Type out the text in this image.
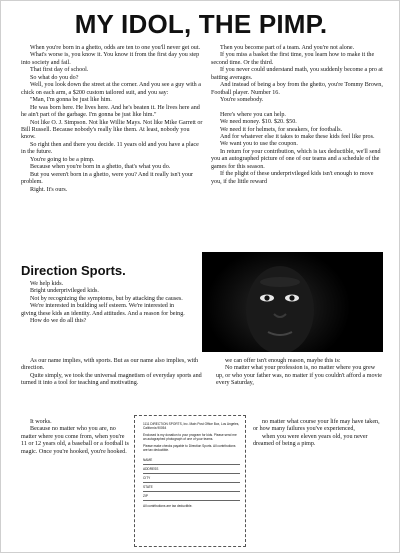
MY IDOL, THE PIMP.

When you're born in a ghetto, odds are ten to one you'll never get out.

What's worse is, you know it. You know it from the first day you step into society and fail.

That first day of school.

So what do you do?

Well, you look down the street at the corner. And you see a guy with a chick on each arm, a $200 custom tailored suit, and you say:

"Man, I'm gonna be just like him.

He was born here. He lives here. And he's beaten it. He lives here and he ain't part of the garbage. I'm gonna be just like him."

Not like O. J. Simpson. Not like Willie Mays. Not like Mike Garrett or Bill Russell. Because nobody's really like them. At least, nobody you know.

So right then and there you decide. 11 years old and you have a place in the future.

You're going to be a pimp.

Because when you're born in a ghetto, that's what you do.

But you weren't born in a ghetto, were you? And it really isn't your problem.

Right. It's ours.

Then you become part of a team. And you're not alone.

If you miss a basket the first time, you learn how to make it the second time. Or the third.

If you never could understand math, you suddenly become a pro at batting averages.

And instead of being a boy from the ghetto, you're Tommy Brown, Football player. Number 16.

You're somebody.

Here's where you can help.

We need money. $10. $20. $50.

We need it for helmets, for sneakers, for footballs.

And for whatever else it takes to make these kids feel like pros.

We want you to use the coupon.

In return for your contribution, which is tax deductible, we'll send you an autographed picture of one of our teams and a schedule of the games for this season.

If the plight of these underprivileged kids isn't enough to move you, if the little reward

Direction Sports.

We help kids.

Bright underprivileged kids.

Not by recognizing the symptoms, but by attacking the causes.

We're interested in building self esteem. We're interested in giving these kids an identity. And attitudes. And a reason for being.

How do we do all this?

As our name implies, with sports. But as our name also implies, with direction.

Quite simply, we took the universal magnetism of everyday sports and turned it into a tool for teaching and motivating.

It works.

Because no matter who you are, no matter where you come from, when you're 11 or 12 years old, a baseball or a football is magic. Once you're hooked, you're hooked.

we can offer isn't enough reason, maybe this is:

No matter what your profession is, no matter where you grew up, or who your father was, no matter if you couldn't afford a movie every Saturday,

no matter what course your life may have taken, or how many failures you've experienced,

when you were eleven years old, you never dreamed of being a pimp.

1111 DIRECTION SPORTS, Inc. Main Post Office Box, Los Angeles, California 90054

Enclosed is my donation to your program for kids. Please send me an autographed photograph of one of your teams.

Please make checks payable to Direction Sports. All contributions are tax deductible.

NAME
ADDRESS
CITY
STATE
ZIP

All contributions are tax deductible.
